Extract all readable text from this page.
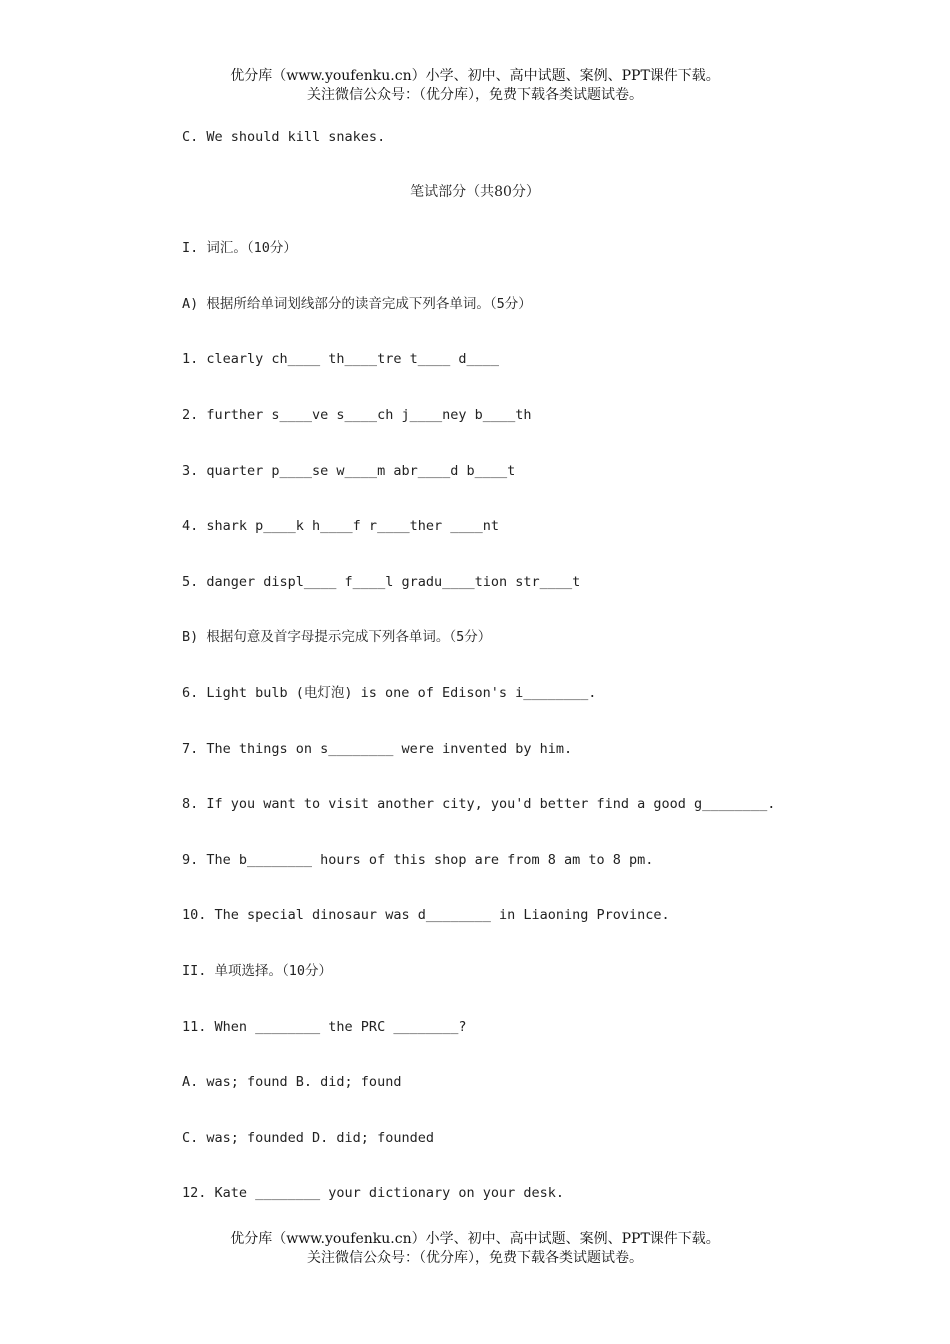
优分库（www.youfenku.cn）小学、初中、高中试题、案例、PPT课件下载。
关注微信公众号：（优分库），免费下载各类试题试卷。
C. We should kill snakes.
笔试部分（共80分）
I. 词汇。（10分）
A) 根据所给单词划线部分的读音完成下列各单词。（5分）
1. clearly ch____ th____tre t____ d____
2. further s____ve s____ch j____ney b____th
3. quarter p____se w____m abr____d b____t
4. shark p____k h____f r____ther ____nt
5. danger displ____ f____l gradu____tion str____t
B) 根据句意及首字母提示完成下列各单词。（5分）
6. Light bulb (电灯泡) is one of Edison's i________.
7. The things on s________ were invented by him.
8. If you want to visit another city, you'd better find a good g________.
9. The b________ hours of this shop are from 8 am to 8 pm.
10. The special dinosaur was d________ in Liaoning Province.
II. 单项选择。（10分）
11. When ________ the PRC ________?
A. was; found B. did; found
C. was; founded D. did; founded
12. Kate ________ your dictionary on your desk.
优分库（www.youfenku.cn）小学、初中、高中试题、案例、PPT课件下载。
关注微信公众号：（优分库），免费下载各类试题试卷。
